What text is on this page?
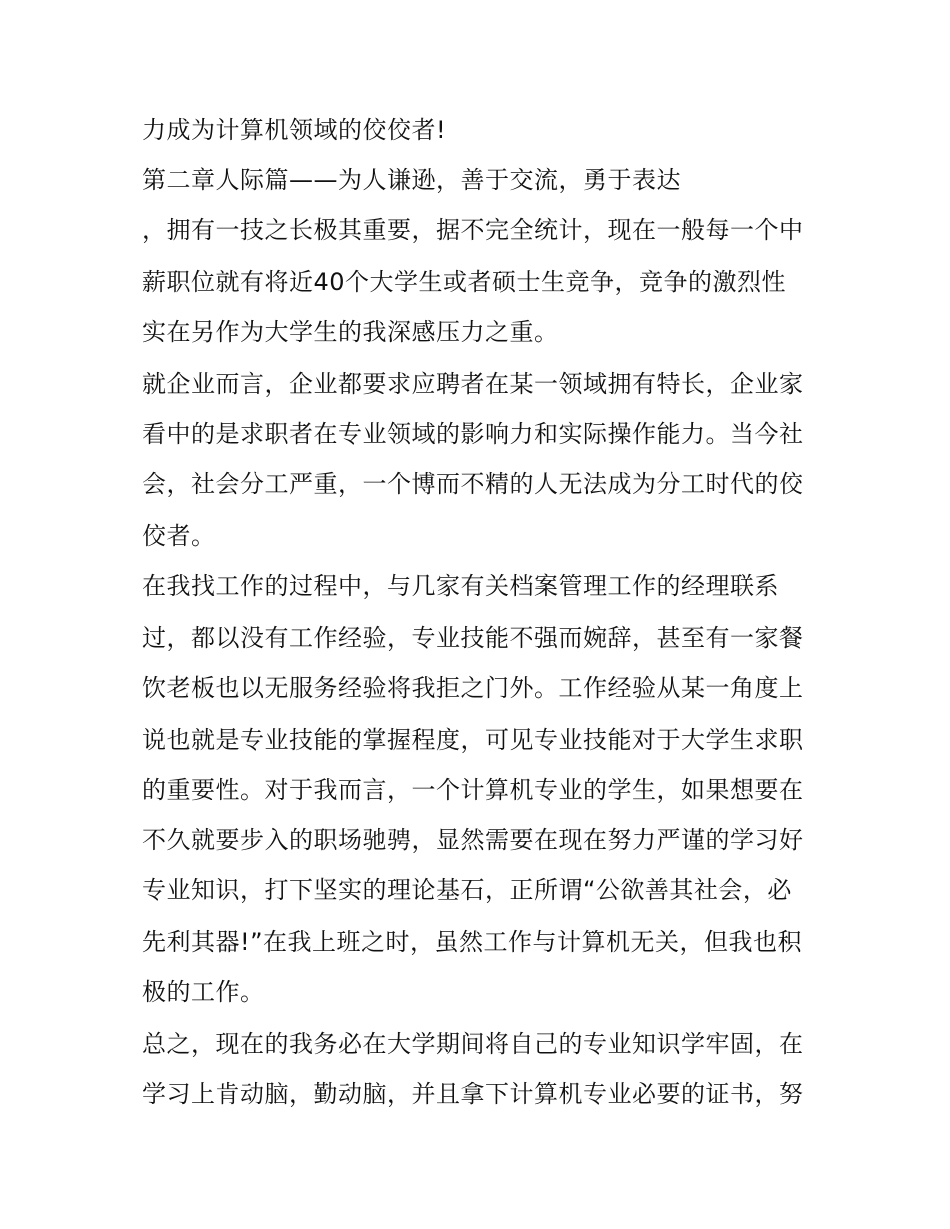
力成为计算机领域的佼佼者!

第二章人际篇——为人谦逊，善于交流，勇于表达

，拥有一技之长极其重要，据不完全统计，现在一般每一个中

薪职位就有将近40个大学生或者硕士生竞争，竞争的激烈性

实在另作为大学生的我深感压力之重。

就企业而言，企业都要求应聘者在某一领域拥有特长，企业家

看中的是求职者在专业领域的影响力和实际操作能力。当今社

会，社会分工严重，一个博而不精的人无法成为分工时代的佼

佼者。

在我找工作的过程中，与几家有关档案管理工作的经理联系

过，都以没有工作经验，专业技能不强而婉辞，甚至有一家餐

饮老板也以无服务经验将我拒之门外。工作经验从某一角度上

说也就是专业技能的掌握程度，可见专业技能对于大学生求职

的重要性。对于我而言，一个计算机专业的学生，如果想要在

不久就要步入的职场驰骋，显然需要在现在努力严谨的学习好

专业知识，打下坚实的理论基石，正所谓“公欲善其社会，必

先利其器!”在我上班之时，虽然工作与计算机无关，但我也积

极的工作。

总之，现在的我务必在大学期间将自己的专业知识学牢固，在

学习上肯动脑，勤动脑，并且拿下计算机专业必要的证书，努
